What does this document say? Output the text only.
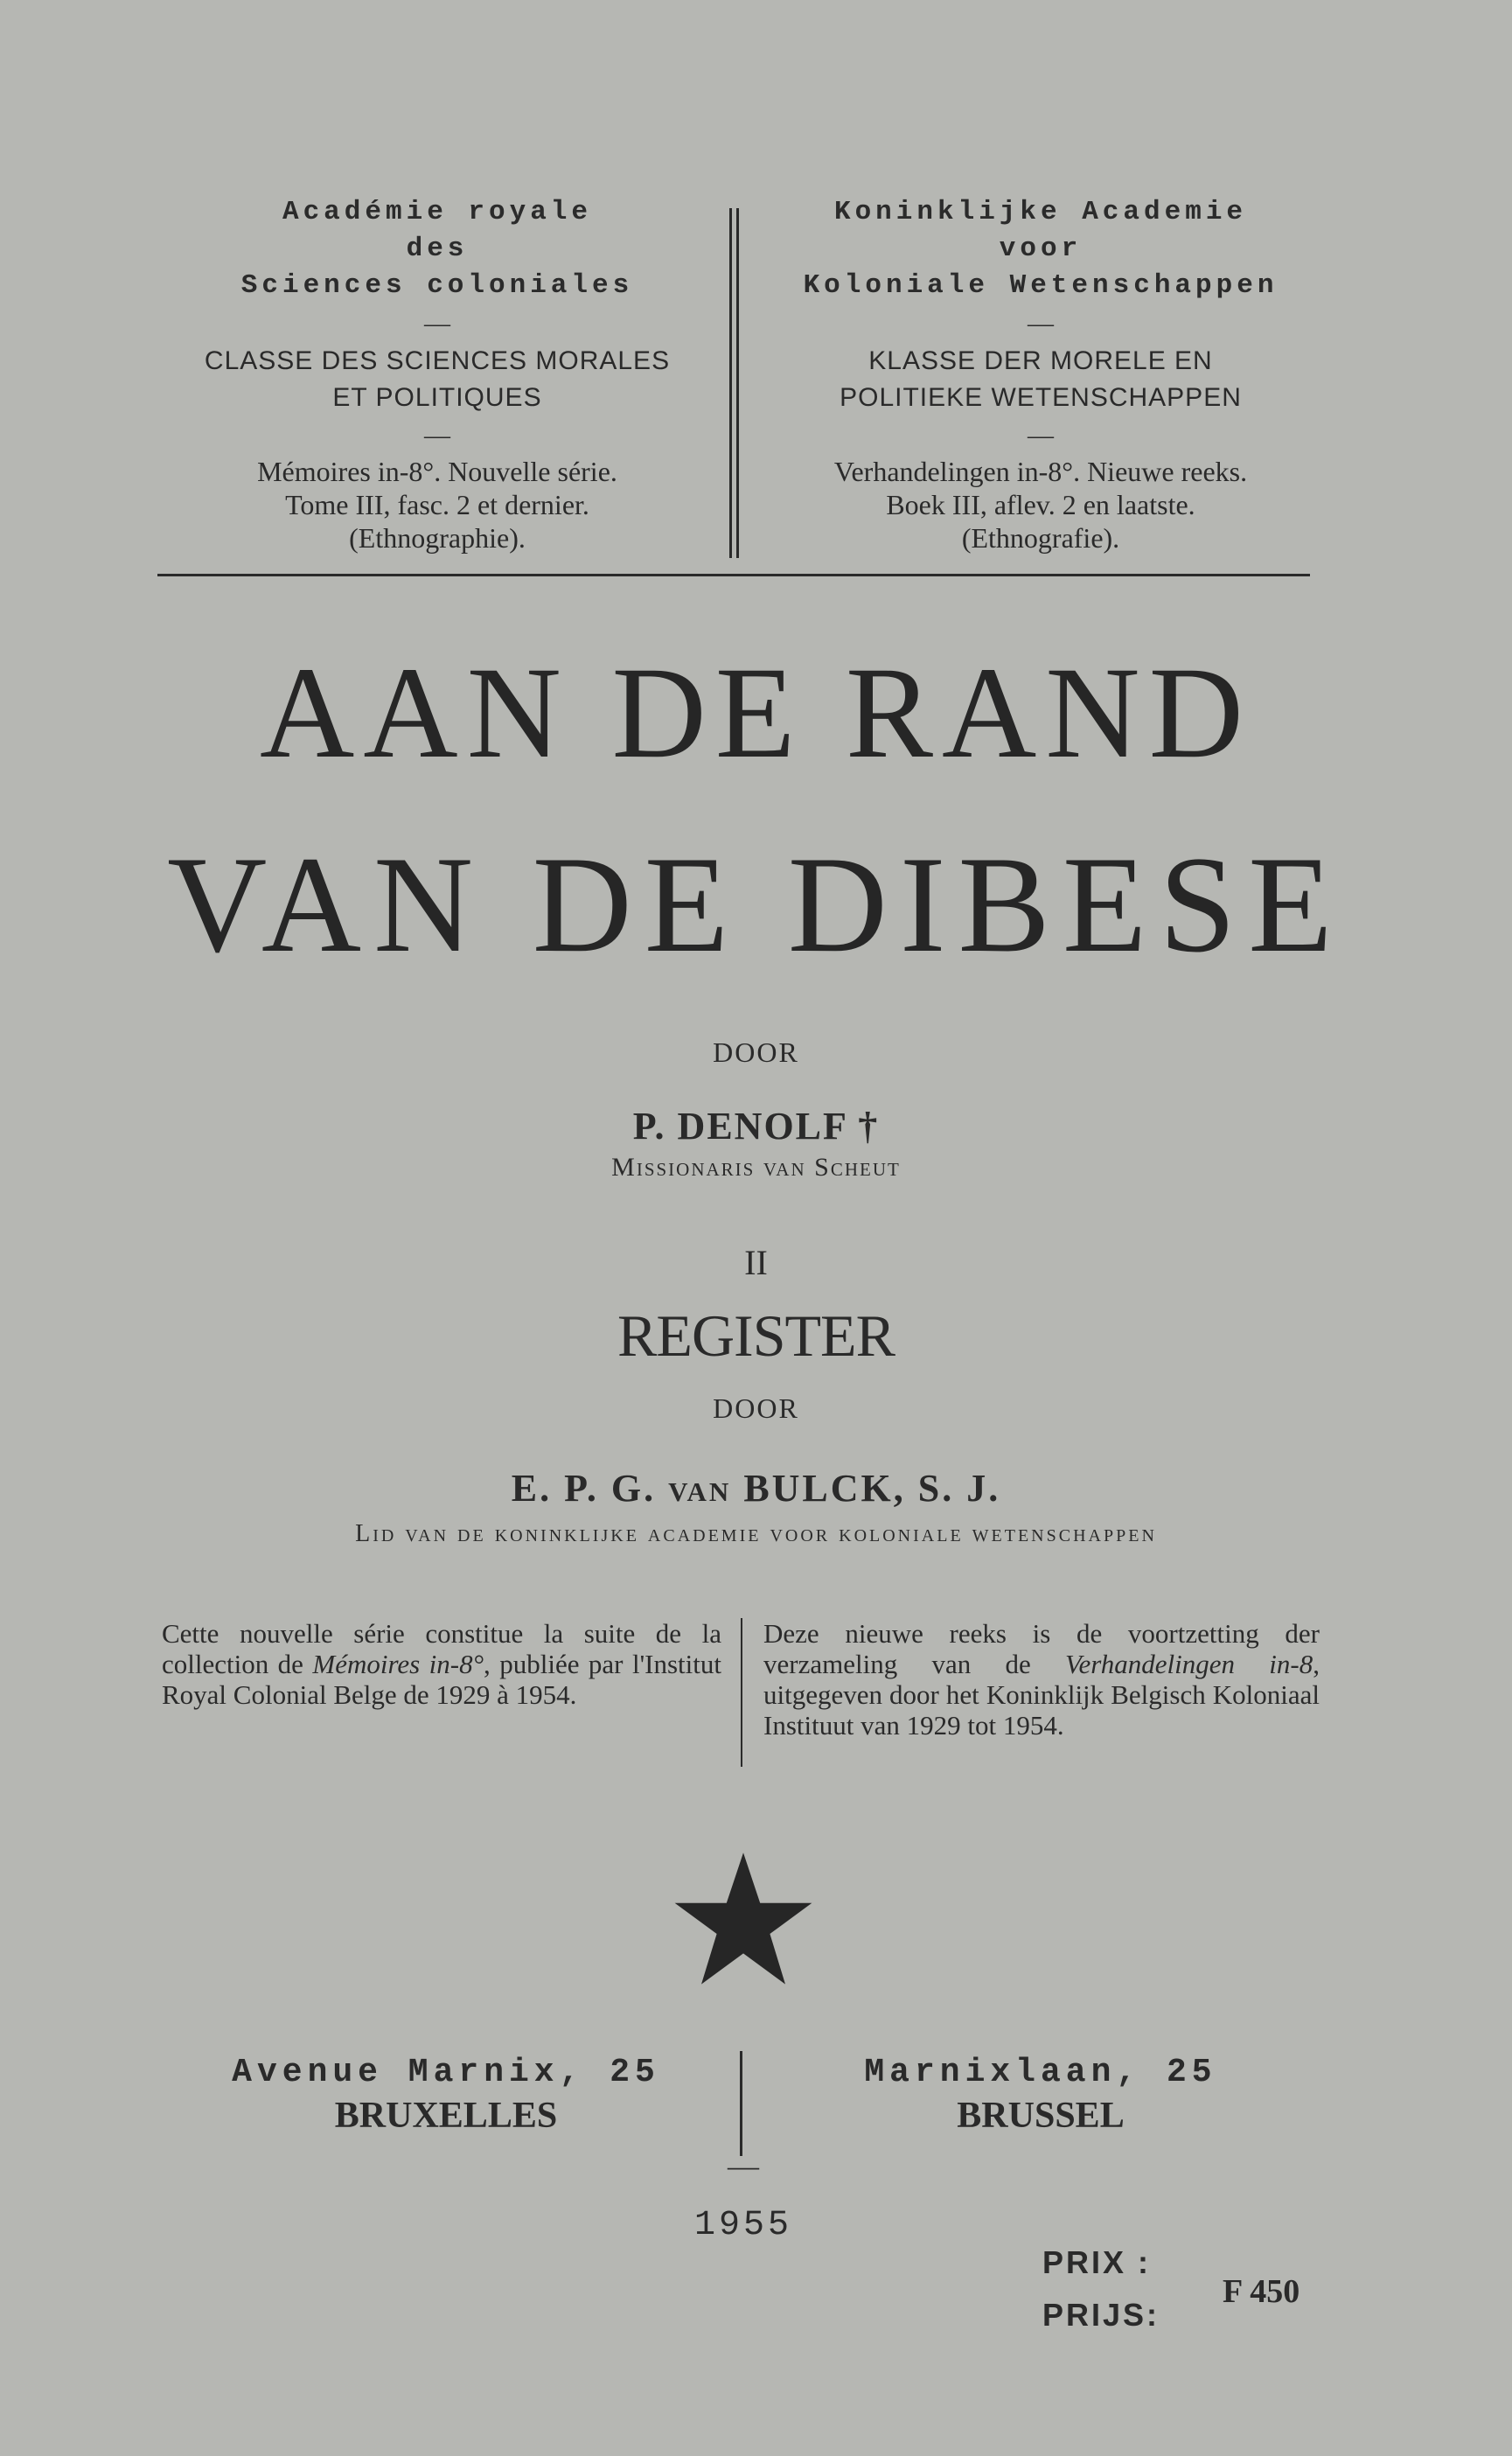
Académie royale
des
Sciences coloniales
—
CLASSE DES SCIENCES MORALES
ET POLITIQUES
—
Mémoires in-8°. Nouvelle série.
Tome III, fasc. 2 et dernier.
(Ethnographie).
Koninklijke Academie
voor
Koloniale Wetenschappen
—
KLASSE DER MORELE EN
POLITIEKE WETENSCHAPPEN
—
Verhandelingen in-8°. Nieuwe reeks.
Boek III, aflev. 2 en laatste.
(Ethnografie).
AAN DE RAND
VAN DE DIBESE
DOOR
P. DENOLF †
Missionaris van Scheut
II
REGISTER
DOOR
E. P. G. van BULCK, S. J.
Lid van de koninklijke academie voor koloniale wetenschappen
Cette nouvelle série constitue la suite de la collection de Mémoires in-8°, publiée par l'Institut Royal Colonial Belge de 1929 à 1954.
Deze nieuwe reeks is de voortzetting der verzameling van de Verhandelingen in-8, uitgegeven door het Koninklijk Belgisch Koloniaal Instituut van 1929 tot 1954.
Avenue Marnix, 25
BRUXELLES
Marnixlaan, 25
BRUSSEL
—
1955
PRIX :
PRIJS:
F 450
